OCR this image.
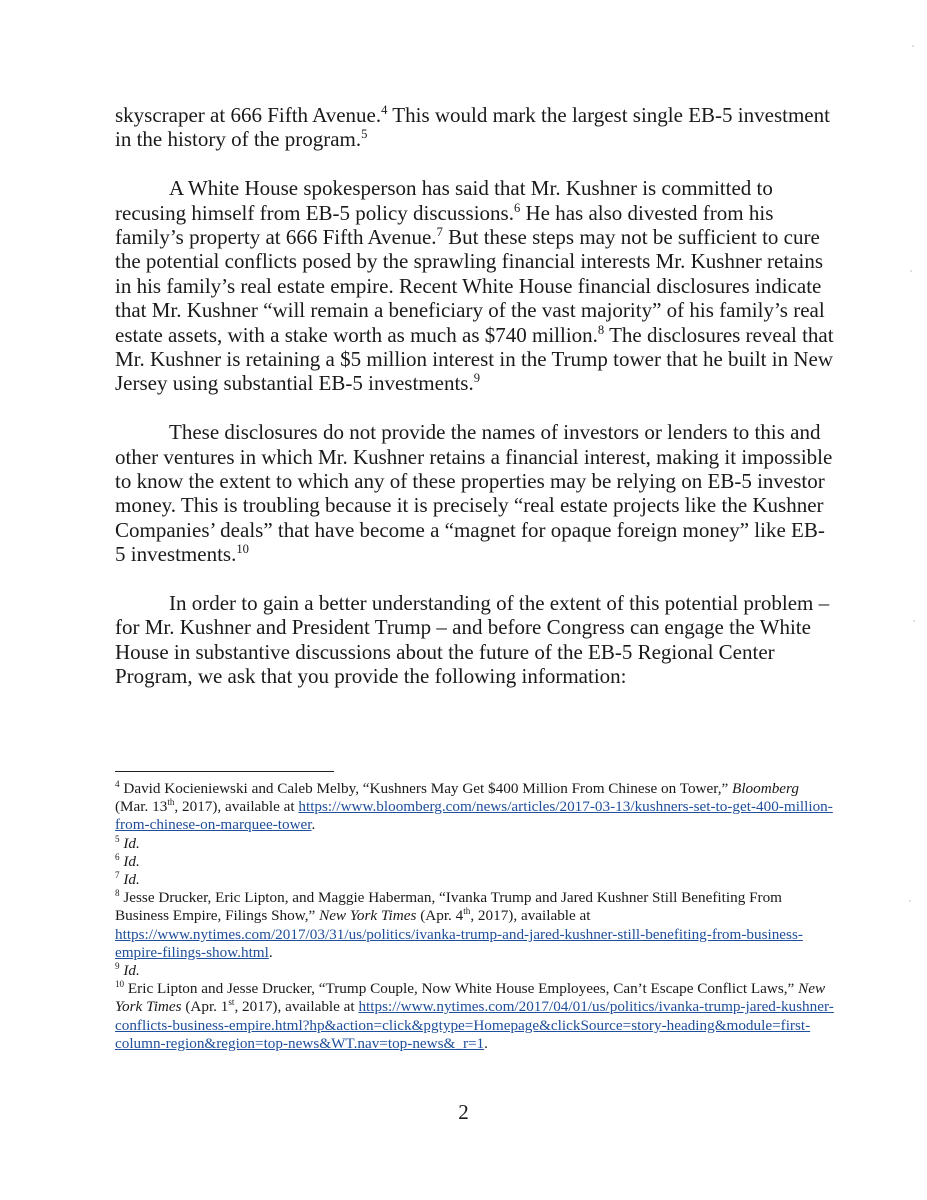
skyscraper at 666 Fifth Avenue.$^4$ This would mark the largest single EB-5 investment in the history of the program.$^5$

A White House spokesperson has said that Mr. Kushner is committed to recusing himself from EB-5 policy discussions.$^6$ He has also divested from his family’s property at 666 Fifth Avenue.$^7$ But these steps may not be sufficient to cure the potential conflicts posed by the sprawling financial interests Mr. Kushner retains in his family’s real estate empire. Recent White House financial disclosures indicate that Mr. Kushner “will remain a beneficiary of the vast majority” of his family’s real estate assets, with a stake worth as much as $740 million.$^8$ The disclosures reveal that Mr. Kushner is retaining a $5 million interest in the Trump tower that he built in New Jersey using substantial EB-5 investments.$^9$

These disclosures do not provide the names of investors or lenders to this and other ventures in which Mr. Kushner retains a financial interest, making it impossible to know the extent to which any of these properties may be relying on EB-5 investor money. This is troubling because it is precisely “real estate projects like the Kushner Companies’ deals” that have become a “magnet for opaque foreign money” like EB-5 investments.$^{10}$

In order to gain a better understanding of the extent of this potential problem – for Mr. Kushner and President Trump – and before Congress can engage the White House in substantive discussions about the future of the EB-5 Regional Center Program, we ask that you provide the following information:

$^4$ David Kocieniewski and Caleb Melby, “Kushners May Get $400 Million From Chinese on Tower,” Bloomberg (Mar. 13th, 2017), available at https://www.bloomberg.com/news/articles/2017-03-13/kushners-set-to-get-400-million-from-chinese-on-marquee-tower.

$^5$ Id.

$^6$ Id.

$^7$ Id.

$^8$ Jesse Drucker, Eric Lipton, and Maggie Haberman, “Ivanka Trump and Jared Kushner Still Benefiting From Business Empire, Filings Show,” New York Times (Apr. 4th, 2017), available at https://www.nytimes.com/2017/03/31/us/politics/ivanka-trump-and-jared-kushner-still-benefiting-from-business-empire-filings-show.html.

$^9$ Id.

$^{10}$ Eric Lipton and Jesse Drucker, “Trump Couple, Now White House Employees, Can’t Escape Conflict Laws,” New York Times (Apr. 1st, 2017), available at https://www.nytimes.com/2017/04/01/us/politics/ivanka-trump-jared-kushner-conflicts-business-empire.html?hp&action=click&pgtype=Homepage&clickSource=story-heading&module=first-column-region&region=top-news&WT.nav=top-news&_r=1.

2
